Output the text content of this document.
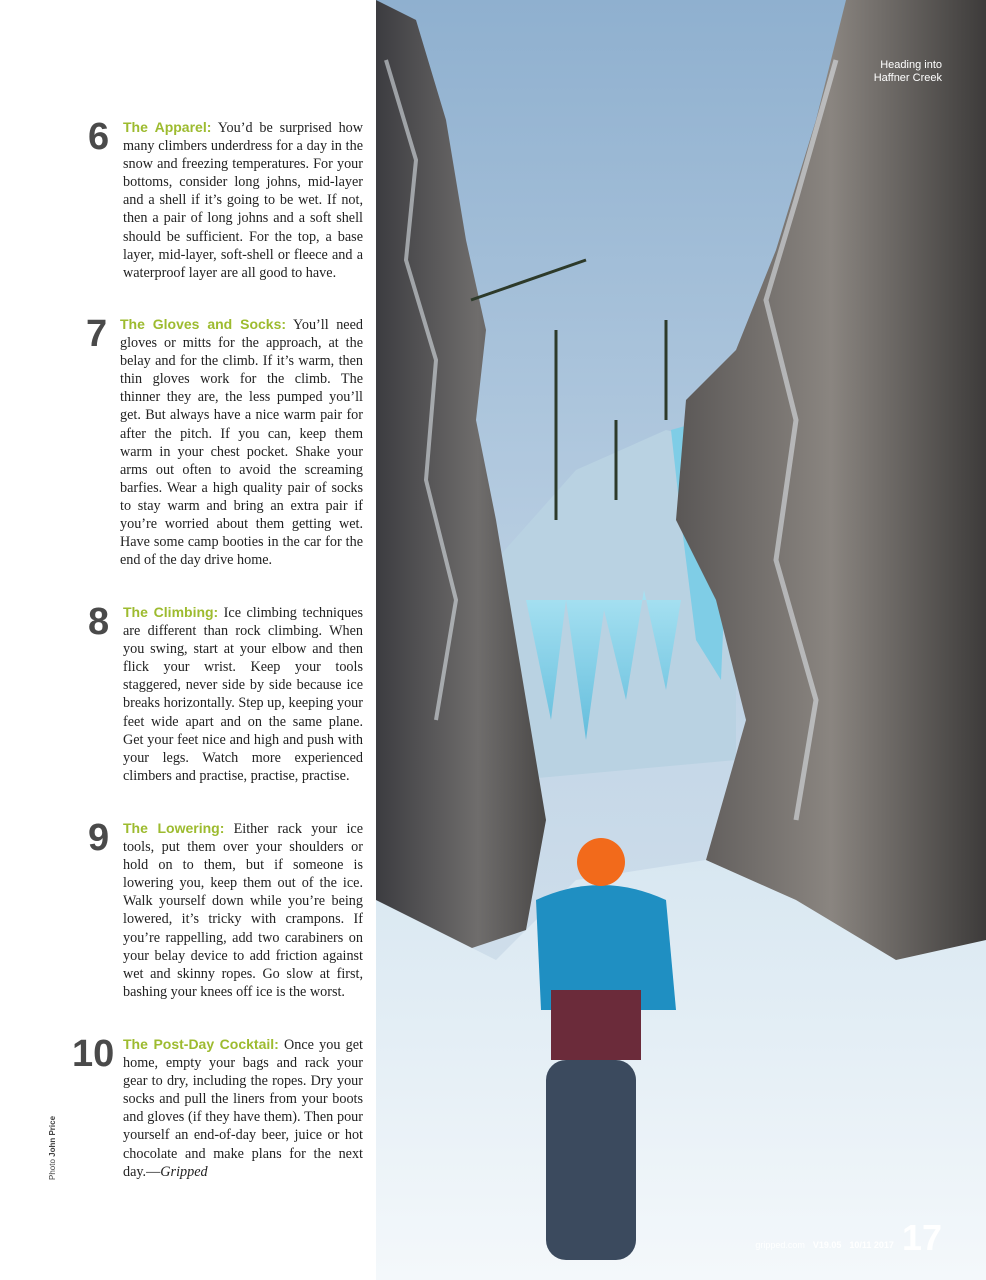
6 The Apparel: You’d be surprised how many climbers underdress for a day in the snow and freezing temperatures. For your bottoms, consider long johns, mid-layer and a shell if it’s going to be wet. If not, then a pair of long johns and a soft shell should be sufficient. For the top, a base layer, mid-layer, soft-shell or fleece and a waterproof layer are all good to have.
7 The Gloves and Socks: You’ll need gloves or mitts for the approach, at the belay and for the climb. If it’s warm, then thin gloves work for the climb. The thinner they are, the less pumped you’ll get. But always have a nice warm pair for after the pitch. If you can, keep them warm in your chest pocket. Shake your arms out often to avoid the screaming barfies. Wear a high quality pair of socks to stay warm and bring an extra pair if you’re worried about them getting wet. Have some camp booties in the car for the end of the day drive home.
8 The Climbing: Ice climbing techniques are different than rock climbing. When you swing, start at your elbow and then flick your wrist. Keep your tools staggered, never side by side because ice breaks horizontally. Step up, keeping your feet wide apart and on the same plane. Get your feet nice and high and push with your legs. Watch more experienced climbers and practise, practise, practise.
9 The Lowering: Either rack your ice tools, put them over your shoulders or hold on to them, but if someone is lowering you, keep them out of the ice. Walk yourself down while you’re being lowered, it’s tricky with crampons. If you’re rappelling, add two carabiners on your belay device to add friction against wet and skinny ropes. Go slow at first, bashing your knees off ice is the worst.
10 The Post-Day Cocktail: Once you get home, empty your bags and rack your gear to dry, including the ropes. Dry your socks and pull the liners from your boots and gloves (if they have them). Then pour yourself an end-of-day beer, juice or hot chocolate and make plans for the next day.—Gripped
Photo John Price
Heading into
Haffner Creek
gripped.com V19.05 10/11 2017 17
